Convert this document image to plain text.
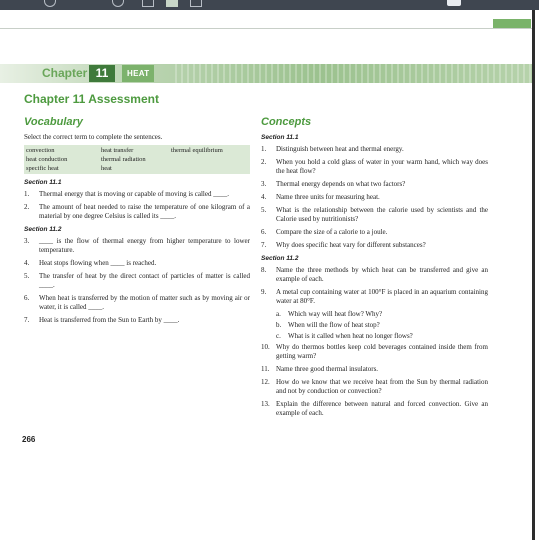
Chapter 11	HEAT
Chapter 11 Assessment
Vocabulary
Select the correct term to complete the sentences.
convection	heat transfer	thermal equilibrium
heat conduction	thermal radiation
specific heat	heat
Section 11.1
1.	Thermal energy that is moving or capable of moving is called ____.
2.	The amount of heat needed to raise the temperature of one kilogram of a material by one degree Celsius is called its ____.
Section 11.2
3.	____ is the flow of thermal energy from higher temperature to lower temperature.
4.	Heat stops flowing when ____ is reached.
5.	The transfer of heat by the direct contact of particles of matter is called ____.
6.	When heat is transferred by the motion of matter such as by moving air or water, it is called ____.
7.	Heat is transferred from the Sun to Earth by ____.
Concepts
Section 11.1
1.	Distinguish between heat and thermal energy.
2.	When you hold a cold glass of water in your warm hand, which way does the heat flow?
3.	Thermal energy depends on what two factors?
4.	Name three units for measuring heat.
5.	What is the relationship between the calorie used by scientists and the Calorie used by nutritionists?
6.	Compare the size of a calorie to a joule.
7.	Why does specific heat vary for different substances?
Section 11.2
8.	Name the three methods by which heat can be transferred and give an example of each.
9.	A metal cup containing water at 100°F is placed in an aquarium containing water at 80°F.
a.	Which way will heat flow? Why?
b. When will the flow of heat stop?
c.	What is it called when heat no longer flows?
10. Why do thermos bottles keep cold beverages contained inside them from getting warm?
11. Name three good thermal insulators.
12. How do we know that we receive heat from the Sun by thermal radiation and not by conduction or convection?
13. Explain the difference between natural and forced convection. Give an example of each.
266
